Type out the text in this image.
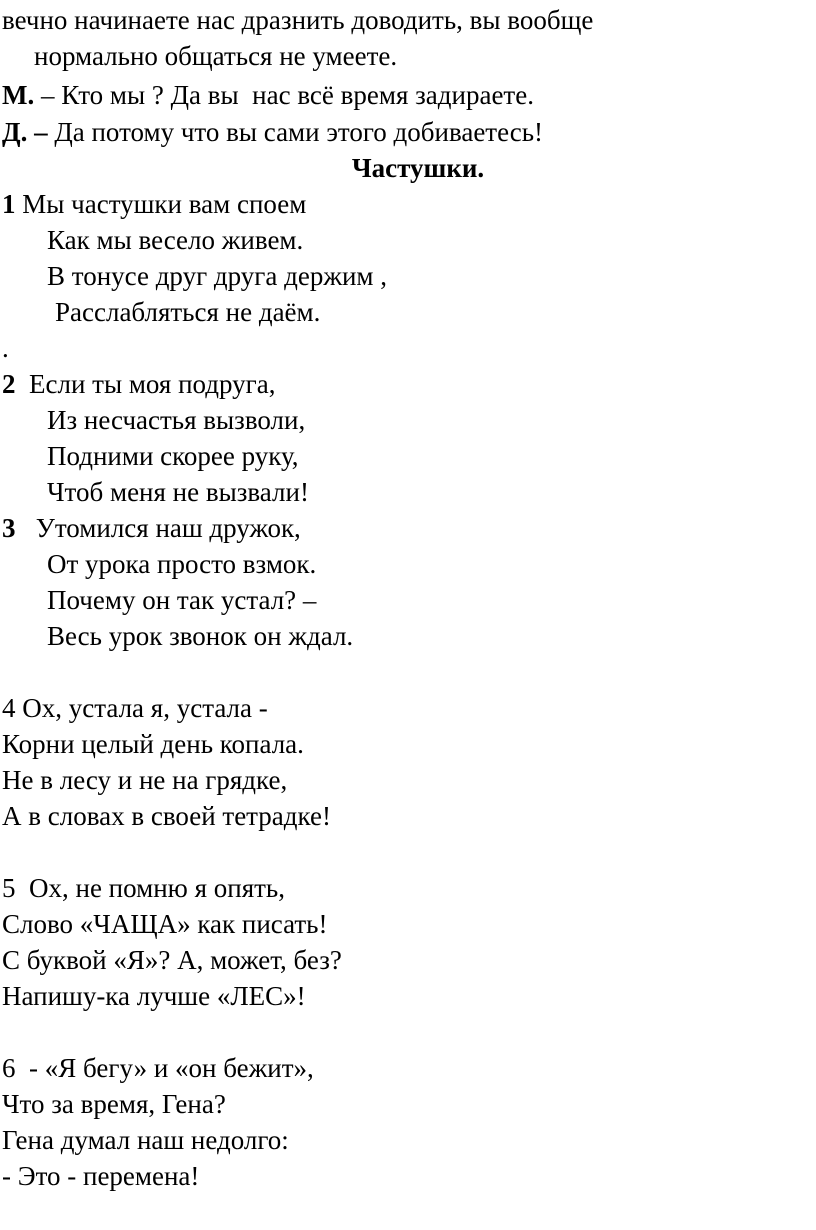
вечно начинаете нас дразнить доводить, вы вообще
нормально общаться не умеете.
М. – Кто мы ? Да вы  нас всё время задираете.
Д. – Да потому что вы сами этого добиваетесь!
Частушки.
1 Мы частушки вам споем
Как мы весело живем.
В тонусе друг друга держим ,
Расслабляться не даём.
.
2 Если ты моя подруга,
Из несчастья вызволи,
Подними скорее руку,
Чтоб меня не вызвали!
3 Утомился наш дружок,
От урока просто взмок.
Почему он так устал? –
Весь урок звонок он ждал.
4 Ох, устала я, устала -
Корни целый день копала.
Не в лесу и не на грядке,
А в словах в своей тетрадке!
5  Ох, не помню я опять,
Слово «ЧАЩА» как писать!
С буквой «Я»? А, может, без?
Напишу-ка лучше «ЛЕС»!
6  - «Я бегу» и «он бежит»,
Что за время, Гена?
Гена думал наш недолго:
- Это - перемена!
